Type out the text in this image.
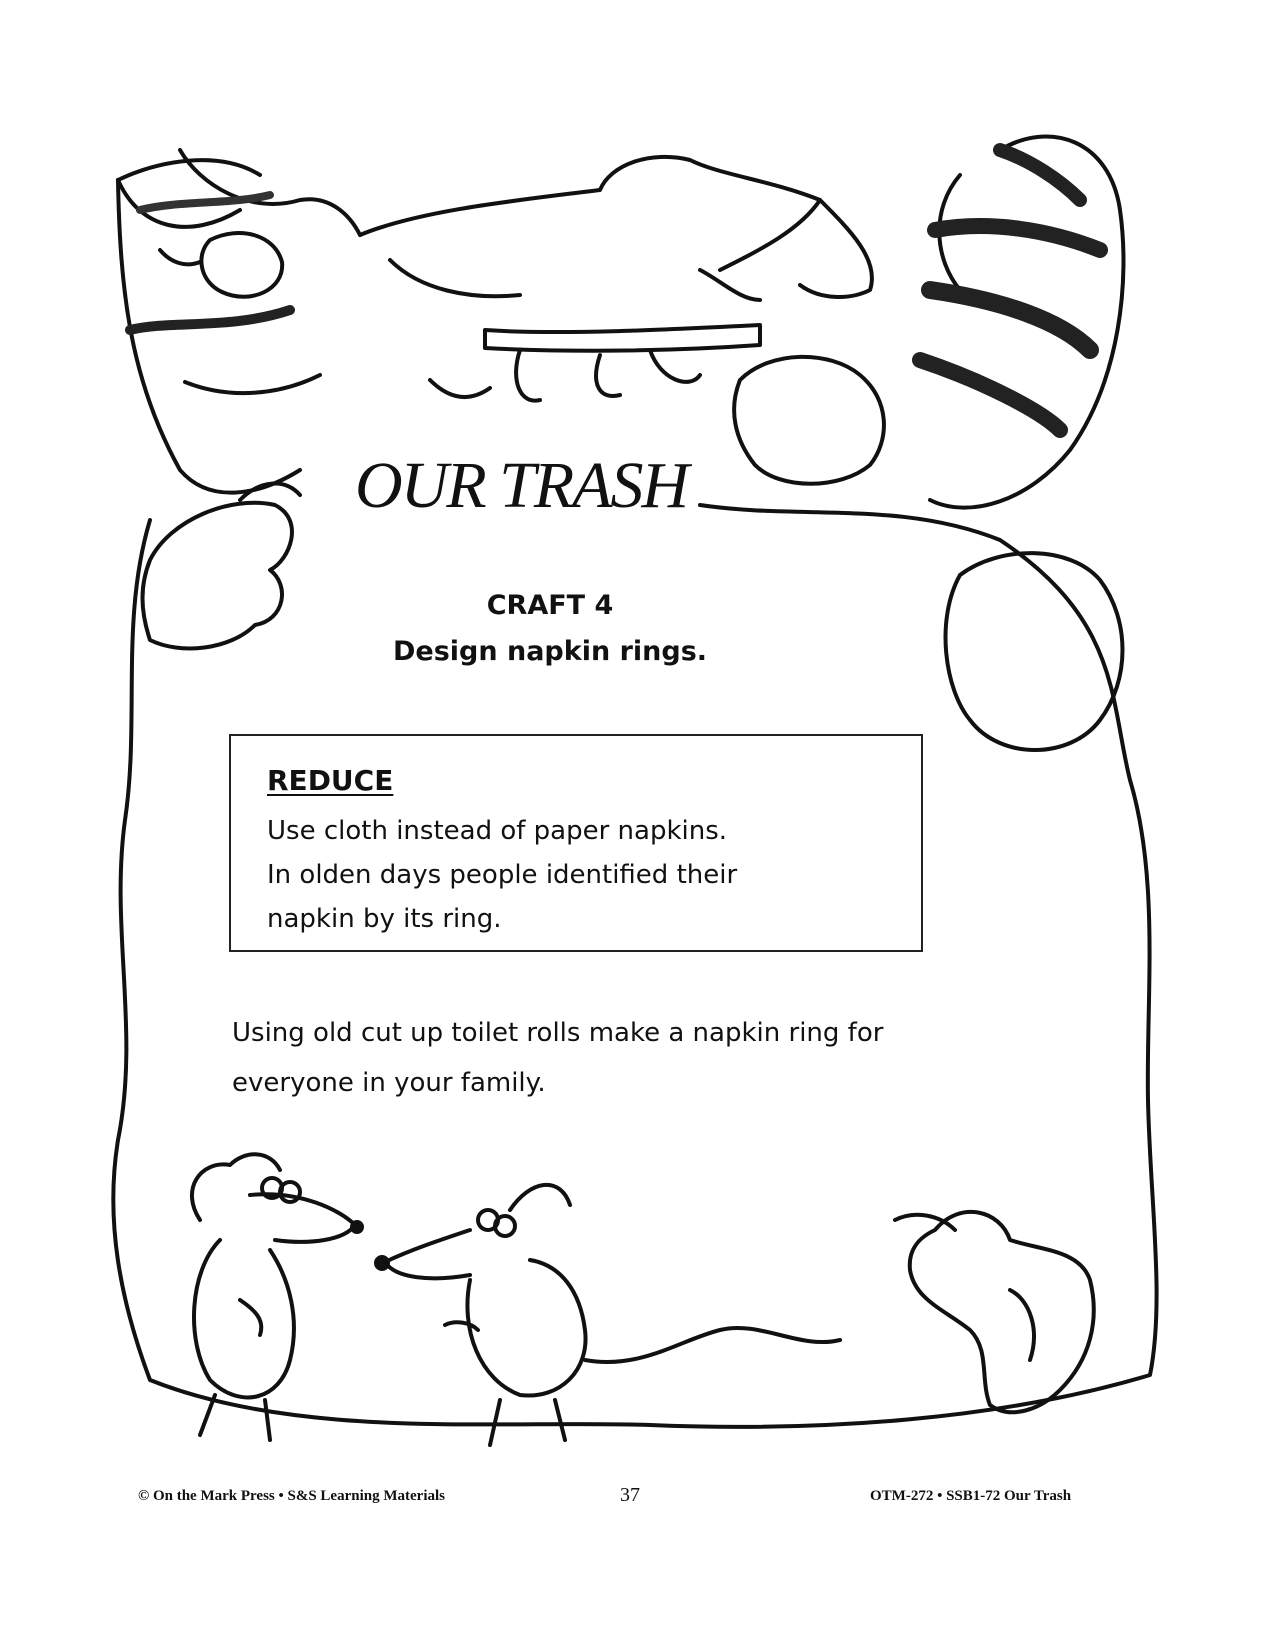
OUR TRASH
CRAFT 4
Design napkin rings.
REDUCE
Use cloth instead of paper napkins.
In olden days people identified their
napkin by its ring.
Using old cut up toilet rolls make a napkin ring for everyone in your family.
© On the Mark Press • S&S Learning Materials	37	OTM-272 • SSB1-72 Our Trash
